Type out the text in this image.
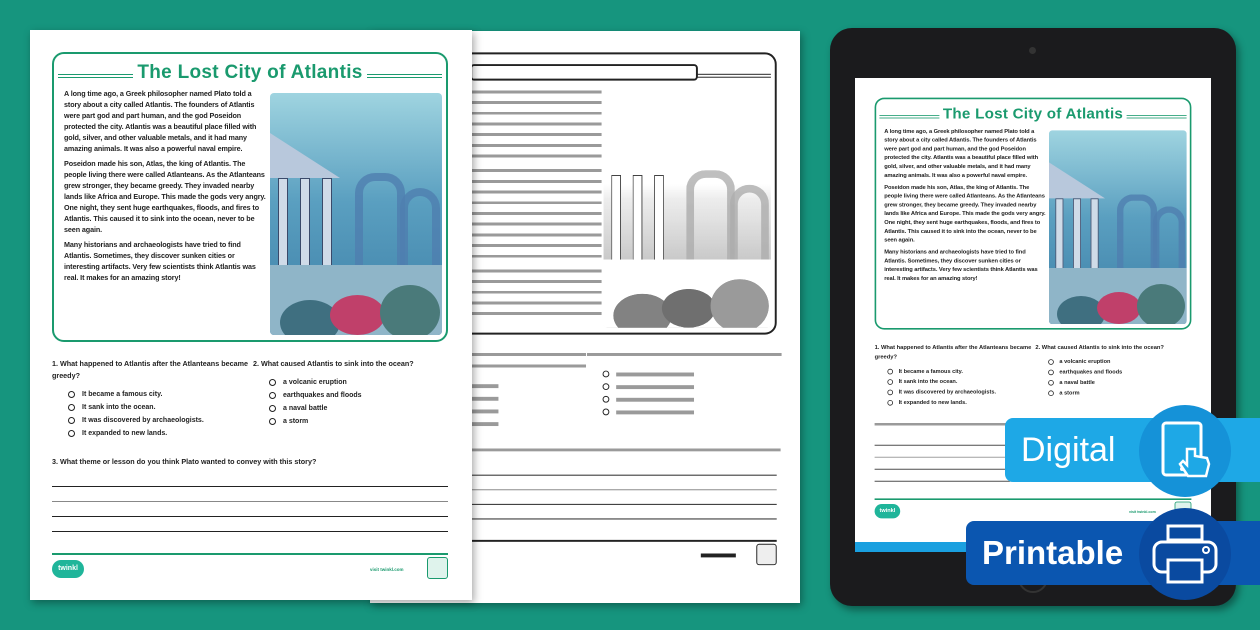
The Lost City of Atlantis

A long time ago, a Greek philosopher named Plato told a story about a city called Atlantis. The founders of Atlantis were part god and part human, and the god Poseidon protected the city. Atlantis was a beautiful place filled with gold, silver, and other valuable metals, and it had many amazing animals. It was also a powerful naval empire.

Poseidon made his son, Atlas, the king of Atlantis. The people living there were called Atlanteans. As the Atlanteans grew stronger, they became greedy. They invaded nearby lands like Africa and Europe. This made the gods very angry. One night, they sent huge earthquakes, floods, and fires to Atlantis. This caused it to sink into the ocean, never to be seen again.

Many historians and archaeologists have tried to find Atlantis. Sometimes, they discover sunken cities or interesting artifacts. Very few scientists think Atlantis was real. It makes for an amazing story!

1. What happened to Atlantis after the Atlanteans became greedy?
It became a famous city.
It sank into the ocean.
It was discovered by archaeologists.
It expanded to new lands.
2. What caused Atlantis to sink into the ocean?
a volcanic eruption
earthquakes and floods
a naval battle
a storm
3. What theme or lesson do you think Plato wanted to convey with this story?
twinkl	visit twinkl.com
The Lost City of Atlantis

A long time ago, a Greek philosopher named Plato told a story about a city called Atlantis. The founders of Atlantis were part god and part human, and the god Poseidon protected the city. Atlantis was a beautiful place filled with gold, silver, and other valuable metals, and it had many amazing animals. It was also a powerful naval empire.

Poseidon made his son, Atlas, the king of Atlantis. The people living there were called Atlanteans. As the Atlanteans grew stronger, they became greedy. They invaded nearby lands like Africa and Europe. This made the gods very angry. One night, they sent huge earthquakes, floods, and fires to Atlantis. This caused it to sink into the ocean, never to be seen again.

Many historians and archaeologists have tried to find Atlantis. Sometimes, they discover sunken cities or interesting artifacts. Very few scientists think Atlantis was real. It makes for an amazing story!

1. What happened to Atlantis after the Atlanteans became greedy?
It became a famous city.
It sank into the ocean.
It was discovered by archaeologists.
It expanded to new lands.
2. What caused Atlantis to sink into the ocean?
a volcanic eruption
earthquakes and floods
a naval battle
a storm
twinkl	visit twinkl.com
Digital
Printable
